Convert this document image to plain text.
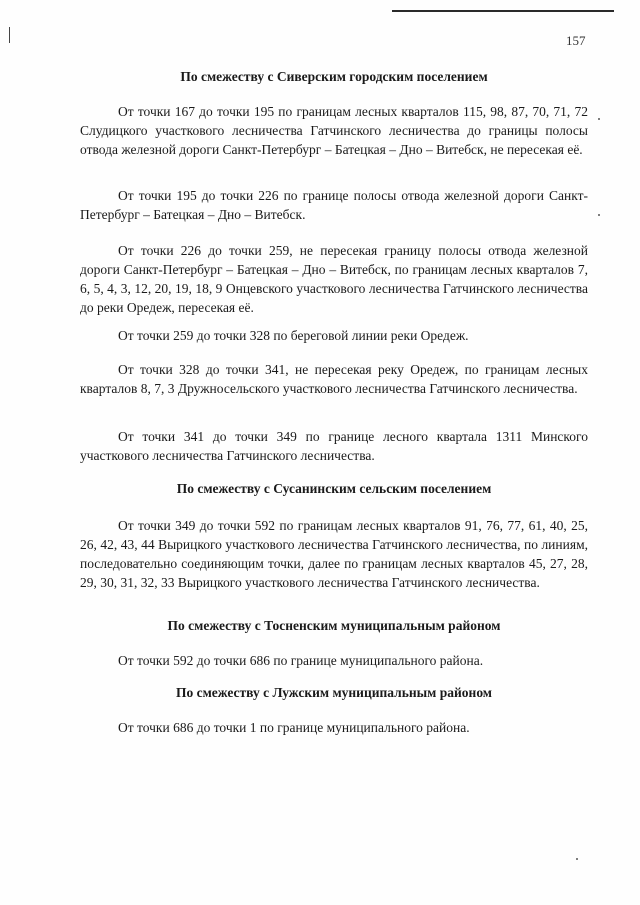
157
По смежеству с Сиверским городским поселением

От точки 167 до точки 195 по границам лесных кварталов 115, 98, 87, 70, 71, 72 Слудицкого участкового лесничества Гатчинского лесничества до границы полосы отвода железной дороги Санкт-Петербург – Батецкая – Дно – Витебск, не пересекая её.

От точки 195 до точки 226 по границе полосы отвода железной дороги Санкт-Петербург – Батецкая – Дно – Витебск.

От точки 226 до точки 259, не пересекая границу полосы отвода железной дороги Санкт-Петербург – Батецкая – Дно – Витебск, по границам лесных кварталов 7, 6, 5, 4, 3, 12, 20, 19, 18, 9 Онцевского участкового лесничества Гатчинского лесничества до реки Оредеж, пересекая её.

От точки 259 до точки 328 по береговой линии реки Оредеж.

От точки 328 до точки 341, не пересекая реку Оредеж, по границам лесных кварталов 8, 7, 3 Дружносельского участкового лесничества Гатчинского лесничества.

От точки 341 до точки 349 по границе лесного квартала 1311 Минского участкового лесничества Гатчинского лесничества.

По смежеству с Сусанинским сельским поселением

От точки 349 до точки 592 по границам лесных кварталов 91, 76, 77, 61, 40, 25, 26, 42, 43, 44 Вырицкого участкового лесничества Гатчинского лесничества, по линиям, последовательно соединяющим точки, далее по границам лесных кварталов 45, 27, 28, 29, 30, 31, 32, 33 Вырицкого участкового лесничества Гатчинского лесничества.

По смежеству с Тосненским муниципальным районом

От точки 592 до точки 686 по границе муниципального района.

По смежеству с Лужским муниципальным районом

От точки 686 до точки 1 по границе муниципального района.
